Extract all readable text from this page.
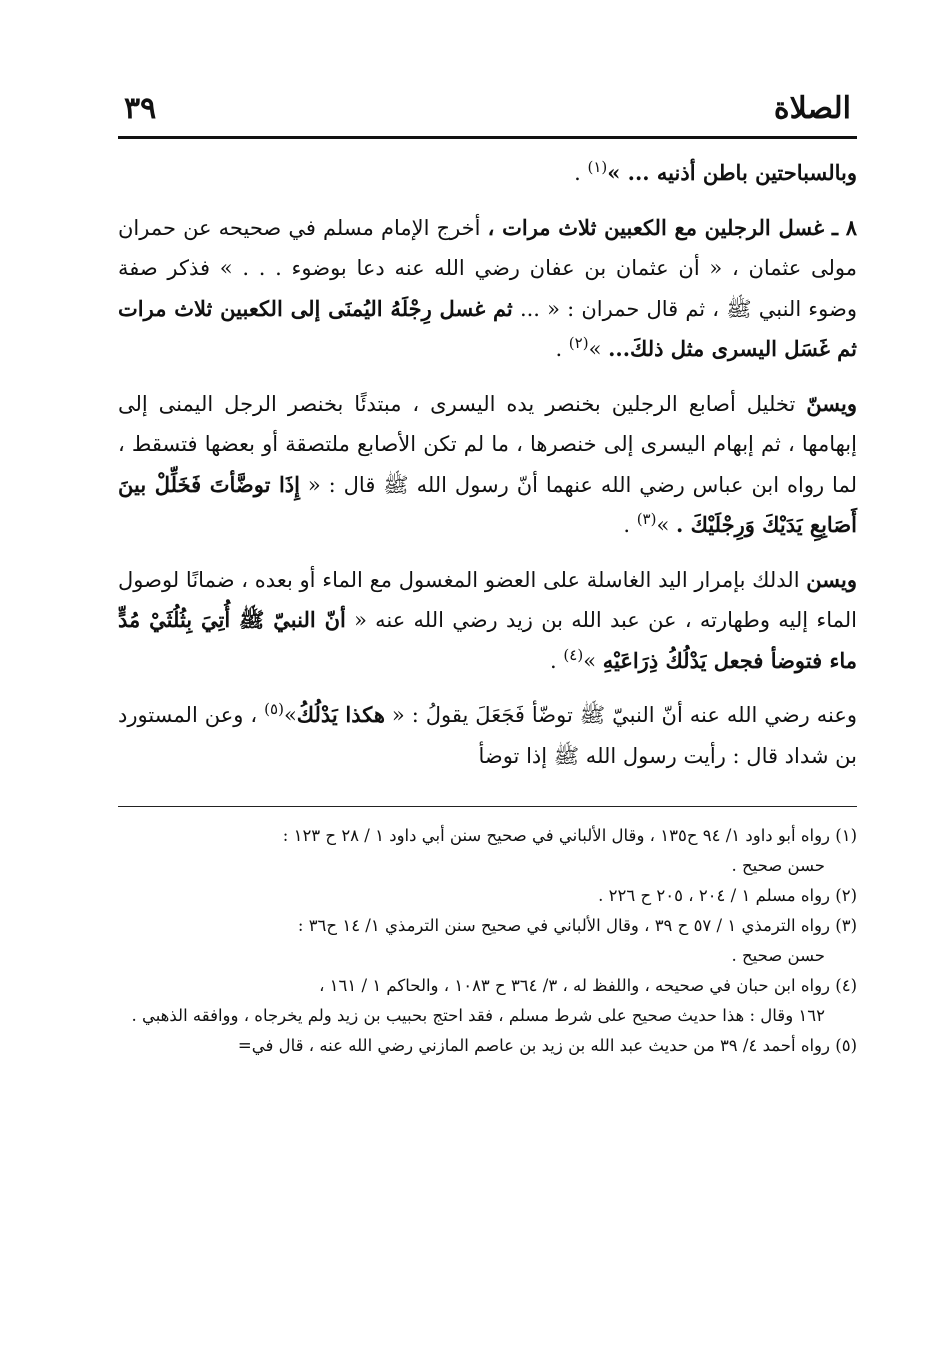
الصلاة
٣٩

وبالسباحتين باطن أذنيه ... »$^{(١)}$ .

٨ ـ غسل الرجلين مع الكعبين ثلاث مرات ، أخرج الإمام مسلم في صحيحه عن حمران مولى عثمان ، « أن عثمان بن عفان رضي الله عنه دعا بوضوء . . . » فذكر صفة وضوء النبي ﷺ ، ثم قال حمران : « ... ثم غسل رِجْلَهُ اليُمنَى إلى الكعبين ثلاث مرات ثم غَسَل اليسرى مثل ذلكَ... »$^{(٢)}$ .

ويسنّ تخليل أصابع الرجلين بخنصر يده اليسرى ، مبتدئًا بخنصر الرجل اليمنى إلى إبهامها ، ثم إبهام اليسرى إلى خنصرها ، ما لم تكن الأصابع ملتصقة أو بعضها فتسقط ، لما رواه ابن عباس رضي الله عنهما أنّ رسول الله ﷺ قال : « إِذَا توضَّأتَ فَخَلِّلْ بينَ أَصَابِعِ يَدَيْكَ وَرِجْلَيْكَ . »$^{(٣)}$ .

ويسن الدلك بإمرار اليد الغاسلة على العضو المغسول مع الماء أو بعده ، ضمانًا لوصول الماء إليه وطهارته ، عن عبد الله بن زيد رضي الله عنه « أنّ النبيّ ﷺ أُتِيَ بِثُلُثَيْ مُدٍّ ماء فتوضأ فجعل يَدْلُكُ ذِرَاعَيْهِ »$^{(٤)}$ .

وعنه رضي الله عنه أنّ النبيّ ﷺ توضّأ فَجَعَلَ يقولُ : « هكذا يَدْلُكُ»$^{(٥)}$ ، وعن المستورد بن شداد قال : رأيت رسول الله ﷺ إذا توضأ

(١) رواه أبو داود ١/ ٩٤ ح١٣٥ ، وقال الألباني في صحيح سنن أبي داود ١ / ٢٨ ح ١٢٣ :
حسن صحيح .

(٢) رواه مسلم ١ / ٢٠٤ ، ٢٠٥ ح ٢٢٦ .

(٣) رواه الترمذي ١ / ٥٧ ح ٣٩ ، وقال الألباني في صحيح سنن الترمذي ١/ ١٤ ح٣٦ :
حسن صحيح .

(٤) رواه ابن حبان في صحيحه ، واللفظ له ، ٣/ ٣٦٤ ح ١٠٨٣ ، والحاكم ١ / ١٦١ ،
١٦٢ وقال : هذا حديث صحيح على شرط مسلم ، فقد احتج بحبيب بن زيد ولم يخرجاه ، ووافقه الذهبي .

(٥) رواه أحمد ٤/ ٣٩ من حديث عبد الله بن زيد بن عاصم المازني رضي الله عنه ، قال في=
